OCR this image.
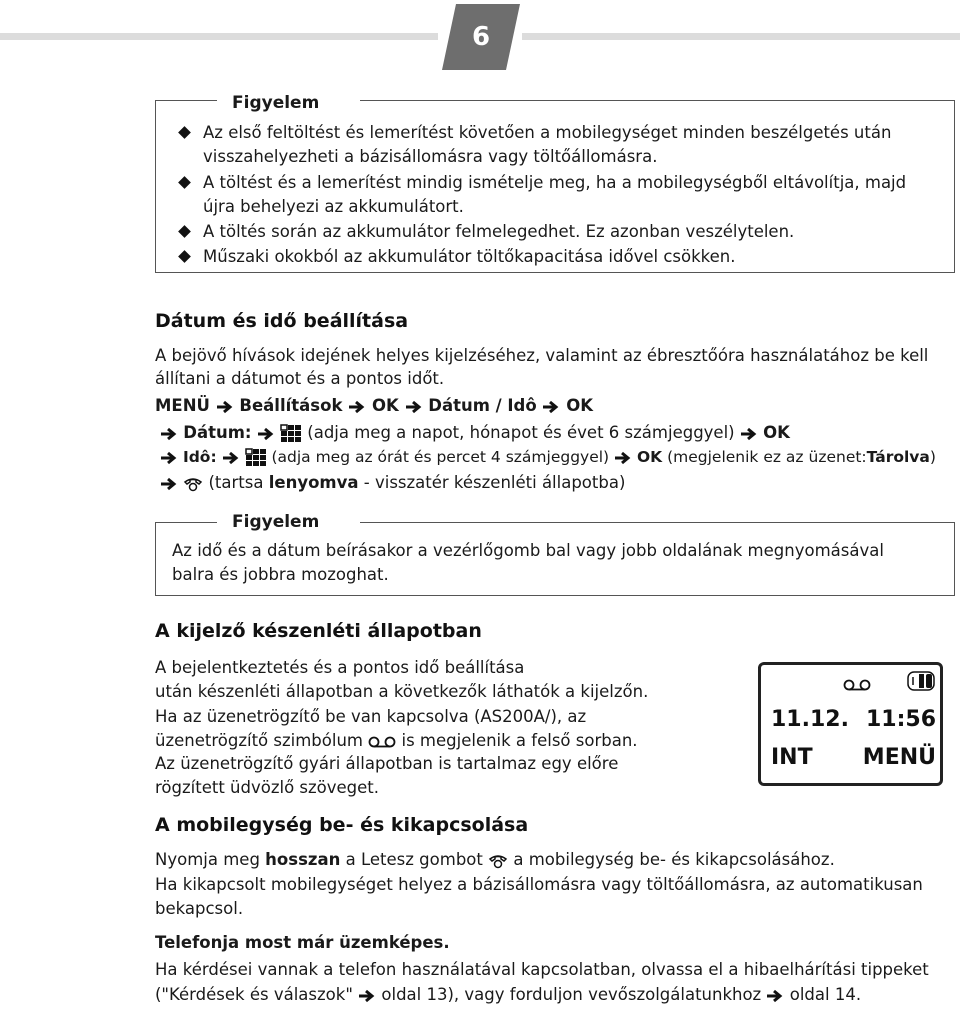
6
Figyelem
Az első feltöltést és lemerítést követően a mobilegységet minden beszélgetés után
visszahelyezheti a bázisállomásra vagy töltőállomásra.
A töltést és a lemerítést mindig ismételje meg, ha a mobilegységből eltávolítja, majd
újra behelyezi az akkumulátort.
A töltés során az akkumulátor felmelegedhet. Ez azonban veszélytelen.
Műszaki okokból az akkumulátor töltőkapacitása idővel csökken.
Dátum és idő beállítása
A bejövő hívások idejének helyes kijelzéséhez, valamint az ébresztőóra használatához be kell
állítani a dátumot és a pontos időt.
MENÜ Beállítások OK Dátum / Idô OK
Dátum:	(adja meg a napot, hónapot és évet 6 számjeggyel) OK
Idô:	(adja meg az órát és percet 4 számjeggyel) OK (megjelenik ez az üzenet:Tárolva)
(tartsa lenyomva - visszatér készenléti állapotba)
Figyelem
Az idő és a dátum beírásakor a vezérlőgomb bal vagy jobb oldalának megnyomásával
balra és jobbra mozoghat.
A kijelző készenléti állapotban
A bejelentkeztetés és a pontos idő beállítása
után készenléti állapotban a következők láthatók a kijelzőn.
Ha az üzenetrögzítő be van kapcsolva (AS200A/), az
üzenetrögzítő szimbólum is megjelenik a felső sorban.
Az üzenetrögzítő gyári állapotban is tartalmaz egy előre
rögzített üdvözlő szöveget.
11.12. 11:56
INT MENÜ
A mobilegység be- és kikapcsolása
Nyomja meg hosszan a Letesz gombot a mobilegység be- és kikapcsolásához.
Ha kikapcsolt mobilegységet helyez a bázisállomásra vagy töltőállomásra, az automatikusan
bekapcsol.
Telefonja most már üzemképes.
Ha kérdései vannak a telefon használatával kapcsolatban, olvassa el a hibaelhárítási tippeket
("Kérdések és válaszok" oldal 13), vagy forduljon vevőszolgálatunkhoz oldal 14.
